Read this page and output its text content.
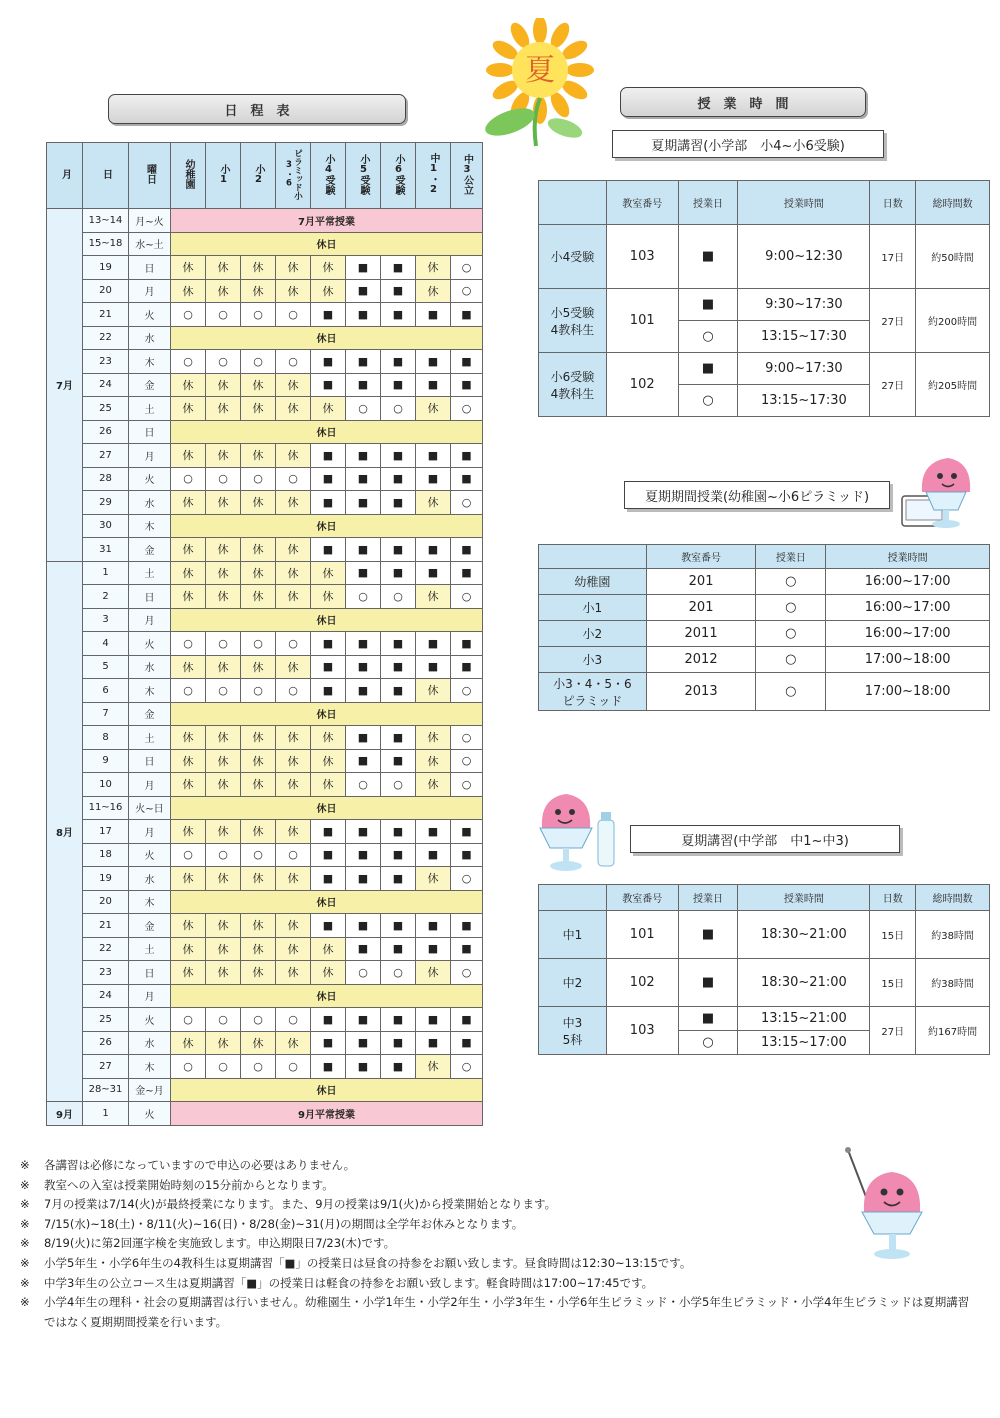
夏
日　程　表
月	日	曜日	幼稚園	小1	小2	ピラミッド小3・6	小4受験	小5受験	小6受験	中1・2	中3公立
7月	13~14	月~火	7月平常授業								
	15~18	水~土	休日								
	19	日	休	休	休	休	休	■	■	休	○
	20	月	休	休	休	休	休	■	■	休	○
	21	火	○	○	○	○	■	■	■	■	■
	22	水	休日								
	23	木	○	○	○	○	■	■	■	■	■
	24	金	休	休	休	休	■	■	■	■	■
	25	土	休	休	休	休	休	○	○	休	○
	26	日	休日								
	27	月	休	休	休	休	■	■	■	■	■
	28	火	○	○	○	○	■	■	■	■	■
	29	水	休	休	休	休	■	■	■	休	○
	30	木	休日								
	31	金	休	休	休	休	■	■	■	■	■
8月	1	土	休	休	休	休	休	■	■	■	■
	2	日	休	休	休	休	休	○	○	休	○
	3	月	休日								
	4	火	○	○	○	○	■	■	■	■	■
	5	水	休	休	休	休	■	■	■	■	■
	6	木	○	○	○	○	■	■	■	休	○
	7	金	休日								
	8	土	休	休	休	休	休	■	■	休	○
	9	日	休	休	休	休	休	■	■	休	○
	10	月	休	休	休	休	休	○	○	休	○
	11~16	火~日	休日								
	17	月	休	休	休	休	■	■	■	■	■
	18	火	○	○	○	○	■	■	■	■	■
	19	水	休	休	休	休	■	■	■	休	○
	20	木	休日								
	21	金	休	休	休	休	■	■	■	■	■
	22	土	休	休	休	休	休	■	■	■	■
	23	日	休	休	休	休	休	○	○	休	○
	24	月	休日								
	25	火	○	○	○	○	■	■	■	■	■
	26	水	休	休	休	休	■	■	■	■	■
	27	木	○	○	○	○	■	■	■	休	○
	28~31	金~月	休日								
9月	1	火	9月平常授業								
授　業　時　間
夏期講習(小学部　小4~小6受験)
	教室番号	授業日	授業時間	日数	総時間数
小4受験	103	■	9:00~12:30	17日	約50時間
小5受験
4教科生	101	■	9:30~17:30	27日	約200時間
		○	13:15~17:30		
小6受験
4教科生	102	■	9:00~17:30	27日	約205時間
		○	13:15~17:30		
夏期期間授業(幼稚園~小6ピラミッド)
	教室番号	授業日	授業時間
幼稚園	201	○	16:00~17:00
小1	201	○	16:00~17:00
小2	2011	○	16:00~17:00
小3	2012	○	17:00~18:00
小3・4・5・6
ピラミッド	2013	○	17:00~18:00
夏期講習(中学部　中1~中3)
	教室番号	授業日	授業時間	日数	総時間数
中1	101	■	18:30~21:00	15日	約38時間
中2	102	■	18:30~21:00	15日	約38時間
中3
5科	103	■	13:15~21:00	27日	約167時間
		○	13:15~17:00		
※	各講習は必修になっていますので申込の必要はありません。
※	教室への入室は授業開始時刻の15分前からとなります。
※	7月の授業は7/14(火)が最終授業になります。また、9月の授業は9/1(火)から授業開始となります。
※	7/15(水)~18(土)・8/11(火)~16(日)・8/28(金)~31(月)の期間は全学年お休みとなります。
※	8/19(火)に第2回運字検を実施致します。申込期限日7/23(木)です。
※	小学5年生・小学6年生の4教科生は夏期講習「■」の授業日は昼食の持参をお願い致します。昼食時間は12:30~13:15です。
※	中学3年生の公立コース生は夏期講習「■」の授業日は軽食の持参をお願い致します。軽食時間は17:00~17:45です。
※	小学4年生の理科・社会の夏期講習は行いません。幼稚園生・小学1年生・小学2年生・小学3年生・小学6年生ピラミッド・小学5年生ピラミッド・小学4年生ピラミッドは夏期講習ではなく夏期期間授業を行います。
